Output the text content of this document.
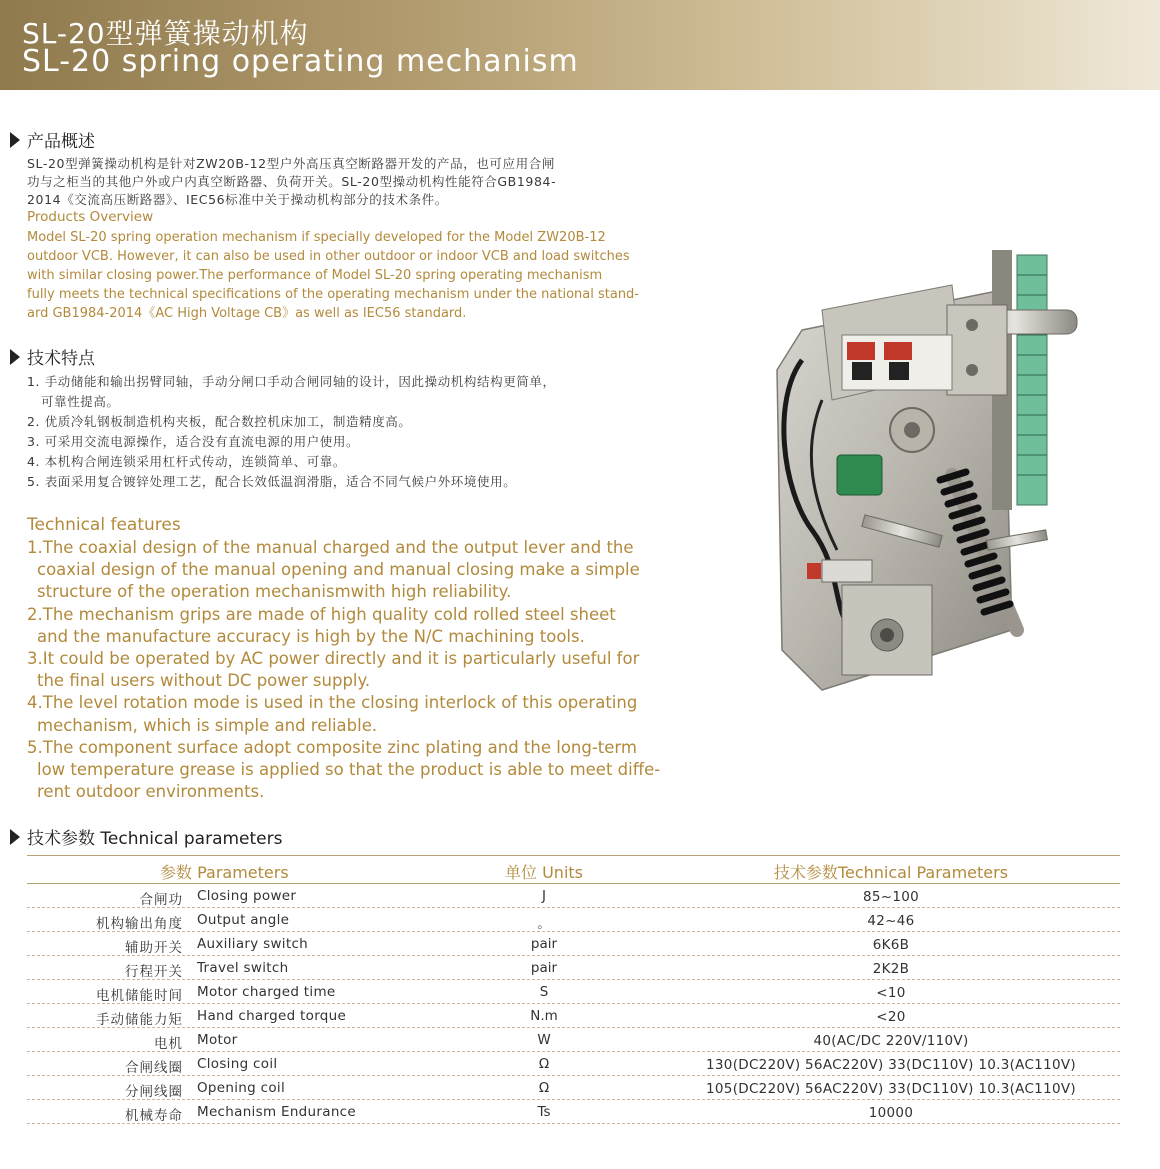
SL-20型弹簧操动机构
SL-20 spring operating mechanism
产品概述
SL-20型弹簧操动机构是针对ZW20B-12型户外高压真空断路器开发的产品，也可应用合闸
功与之柜当的其他户外或户内真空断路器、负荷开关。SL-20型操动机构性能符合GB1984-
2014《交流高压断路器》、IEC56标准中关于操动机构部分的技术条件。
Products Overview

Model SL-20 spring operation mechanism if specially developed for the Model ZW20B-12

outdoor VCB. However, it can also be used in other outdoor or indoor VCB and load switches

with similar closing power.The performance of Model SL-20 spring operating mechanism

fully meets the technical specifications of the operating mechanism under the national stand-

ard GB1984-2014《AC High Voltage CB》as well as IEC56 standard.

技术特点
1. 手动储能和输出拐臂同轴，手动分闸口手动合闸同轴的设计，因此操动机构结构更简单，
可靠性提高。
2. 优质冷轧钢板制造机构夹板，配合数控机床加工，制造精度高。
3. 可采用交流电源操作，适合没有直流电源的用户使用。
4. 本机构合闸连锁采用杠杆式传动，连锁简单、可靠。
5. 表面采用复合镀锌处理工艺，配合长效低温润滑脂，适合不同气候户外环境使用。
Technical features
1.The coaxial design of the manual charged and the output lever and the
coaxial design of the manual opening and manual closing make a simple
structure of the operation mechanismwith high reliability.
2.The mechanism grips are made of high quality cold rolled steel sheet
and the manufacture accuracy is high by the N/C machining tools.
3.It could be operated by AC power directly and it is particularly useful for
the final users without DC power supply.
4.The level rotation mode is used in the closing interlock of this operating
mechanism, which is simple and reliable.
5.The component surface adopt composite zinc plating and the long-term
low temperature grease is applied so that the product is able to meet diffe-
rent outdoor environments.
技术参数 Technical parameters
参数 Parameters	单位 Units	技术参数Technical Parameters
合闸功 Closing power	J	85~100
机构输出角度 Output angle	。	42~46
辅助开关 Auxiliary switch	pair	6K6B
行程开关 Travel switch	pair	2K2B
电机储能时间 Motor charged time	S	<10
手动储能力矩 Hand charged torque	N.m	<20
电机 Motor	W	40(AC/DC 220V/110V)
合闸线圈 Closing coil	Ω	130(DC220V) 56AC220V) 33(DC110V) 10.3(AC110V)
分闸线圈 Opening coil	Ω	105(DC220V) 56AC220V) 33(DC110V) 10.3(AC110V)
机械寿命 Mechanism Endurance	Ts	10000
